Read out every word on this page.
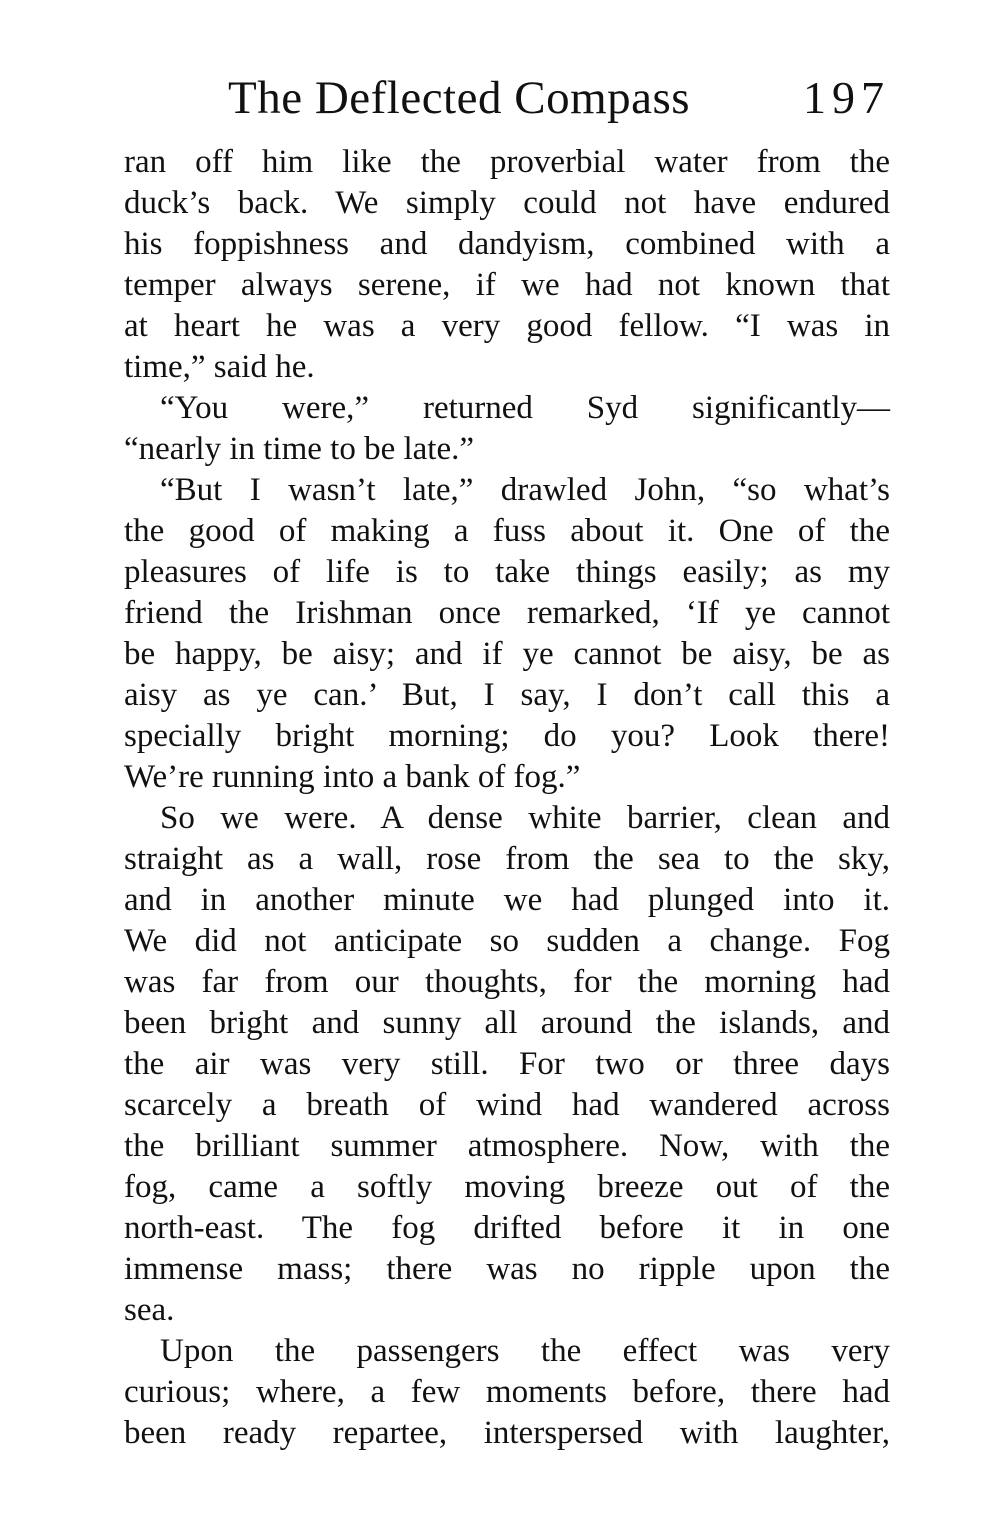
The Deflected Compass 197
ran off him like the proverbial water from the
duck’s back. We simply could not have endured
his foppishness and dandyism, combined with a
temper always serene, if we had not known that
at heart he was a very good fellow. “I was in
time,” said he.
“You were,” returned Syd significantly—
“nearly in time to be late.”
“But I wasn’t late,” drawled John, “so what’s
the good of making a fuss about it. One of the
pleasures of life is to take things easily; as my
friend the Irishman once remarked, ‘If ye cannot
be happy, be aisy; and if ye cannot be aisy, be as
aisy as ye can.’ But, I say, I don’t call this a
specially bright morning; do you? Look there!
We’re running into a bank of fog.”
So we were. A dense white barrier, clean and
straight as a wall, rose from the sea to the sky,
and in another minute we had plunged into it.
We did not anticipate so sudden a change. Fog
was far from our thoughts, for the morning had
been bright and sunny all around the islands, and
the air was very still. For two or three days
scarcely a breath of wind had wandered across
the brilliant summer atmosphere. Now, with the
fog, came a softly moving breeze out of the
north-east. The fog drifted before it in one
immense mass; there was no ripple upon the
sea.
Upon the passengers the effect was very
curious; where, a few moments before, there had
been ready repartee, interspersed with laughter,
